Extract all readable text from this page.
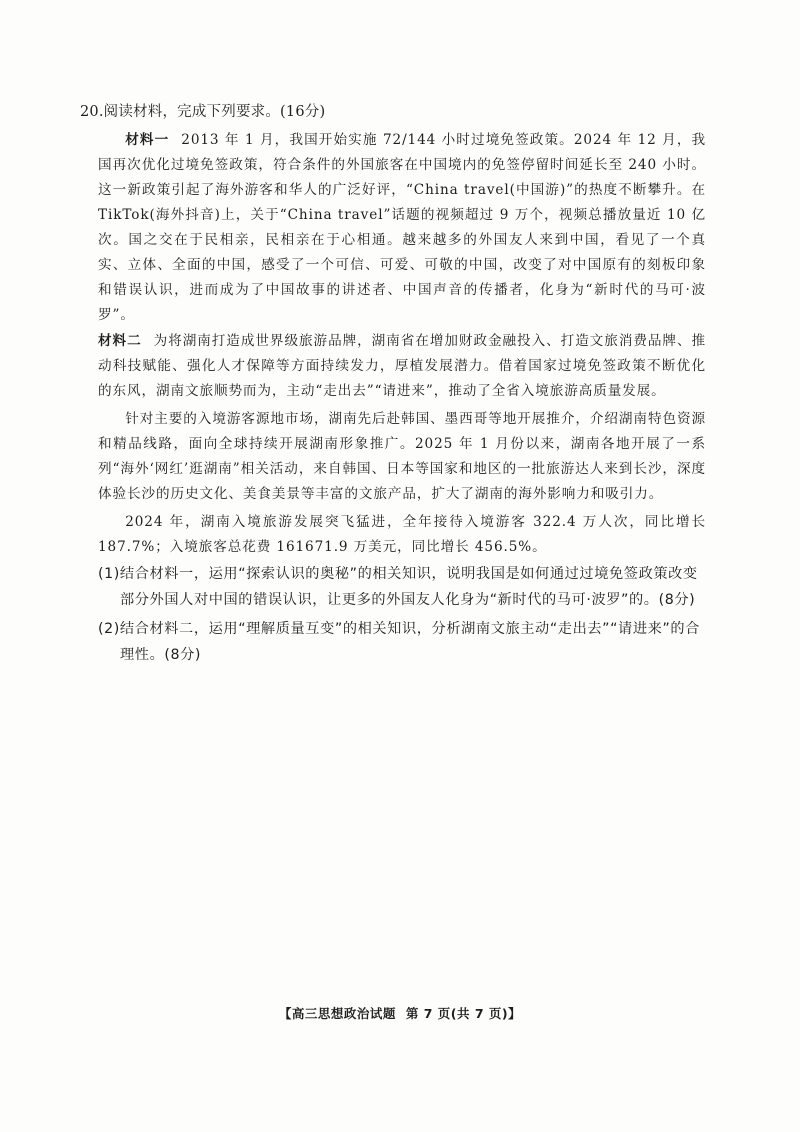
20.阅读材料，完成下列要求。(16分)

材料一 2013 年 1 月，我国开始实施 72/144 小时过境免签政策。2024 年 12 月，我国再次优化过境免签政策，符合条件的外国旅客在中国境内的免签停留时间延长至 240 小时。这一新政策引起了海外游客和华人的广泛好评，“China travel(中国游)”的热度不断攀升。在 TikTok(海外抖音)上，关于“China travel”话题的视频超过 9 万个，视频总播放量近 10 亿次。国之交在于民相亲，民相亲在于心相通。越来越多的外国友人来到中国，看见了一个真实、立体、全面的中国，感受了一个可信、可爱、可敬的中国，改变了对中国原有的刻板印象和错误认识，进而成为了中国故事的讲述者、中国声音的传播者，化身为“新时代的马可·波罗”。

材料二 为将湖南打造成世界级旅游品牌，湖南省在增加财政金融投入、打造文旅消费品牌、推动科技赋能、强化人才保障等方面持续发力，厚植发展潜力。借着国家过境免签政策不断优化的东风，湖南文旅顺势而为，主动“走出去”“请进来”，推动了全省入境旅游高质量发展。

针对主要的入境游客源地市场，湖南先后赴韩国、墨西哥等地开展推介，介绍湖南特色资源和精品线路，面向全球持续开展湖南形象推广。2025 年 1 月份以来，湖南各地开展了一系列“海外‘网红’逛湖南”相关活动，来自韩国、日本等国家和地区的一批旅游达人来到长沙，深度体验长沙的历史文化、美食美景等丰富的文旅产品，扩大了湖南的海外影响力和吸引力。

2024 年，湖南入境旅游发展突飞猛进，全年接待入境游客 322.4 万人次，同比增长187.7%；入境旅客总花费 161671.9 万美元，同比增长 456.5%。

(1)结合材料一，运用“探索认识的奥秘”的相关知识，说明我国是如何通过过境免签政策改变部分外国人对中国的错误认识，让更多的外国友人化身为“新时代的马可·波罗”的。(8分)

(2)结合材料二，运用“理解质量互变”的相关知识，分析湖南文旅主动“走出去”“请进来”的合理性。(8分)

【高三思想政治试题 第 7 页(共 7 页)】
